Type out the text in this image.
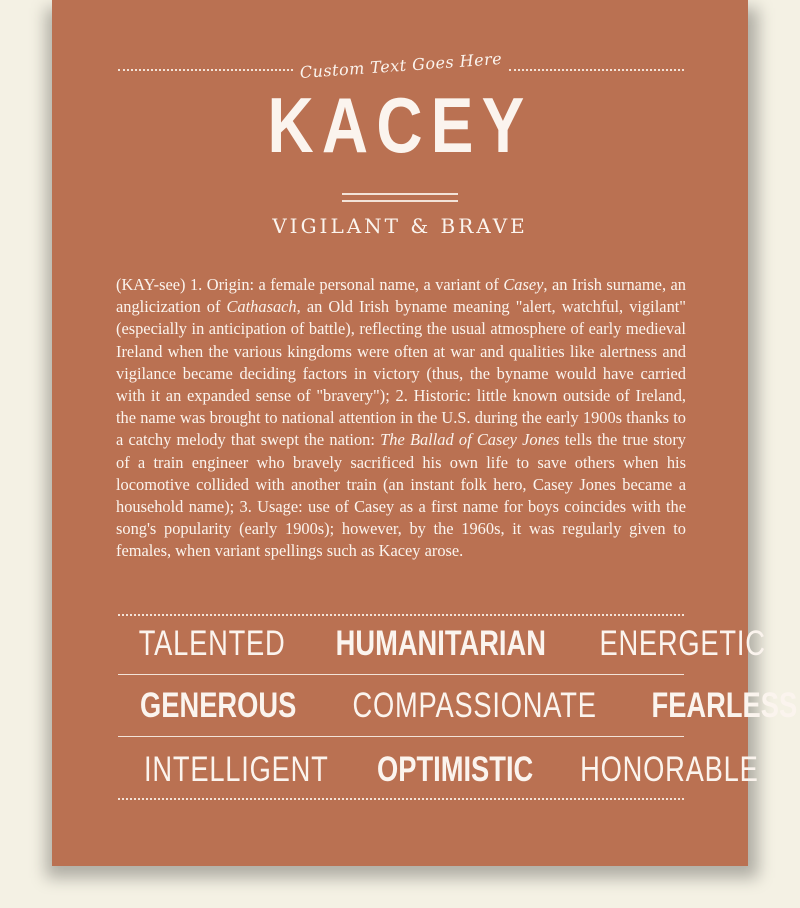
Custom Text Goes Here
KACEY
VIGILANT & BRAVE
(KAY-see) 1. Origin: a female personal name, a variant of Casey, an Irish surname, an anglicization of Cathasach, an Old Irish byname meaning "alert, watchful, vigilant" (especially in anticipation of battle), reflecting the usual atmosphere of early medieval Ireland when the various kingdoms were often at war and qualities like alertness and vigilance became deciding factors in victory (thus, the byname would have carried with it an expanded sense of "bravery"); 2. Historic: little known outside of Ireland, the name was brought to national attention in the U.S. during the early 1900s thanks to a catchy melody that swept the nation: The Ballad of Casey Jones tells the true story of a train engineer who bravely sacrificed his own life to save others when his locomotive collided with another train (an instant folk hero, Casey Jones became a household name); 3. Usage: use of Casey as a first name for boys coincides with the song's popularity (early 1900s); however, by the 1960s, it was regularly given to females, when variant spellings such as Kacey arose.
TALENTED HUMANITARIAN ENERGETIC
GENEROUS COMPASSIONATE FEARLESS
INTELLIGENT OPTIMISTIC HONORABLE
